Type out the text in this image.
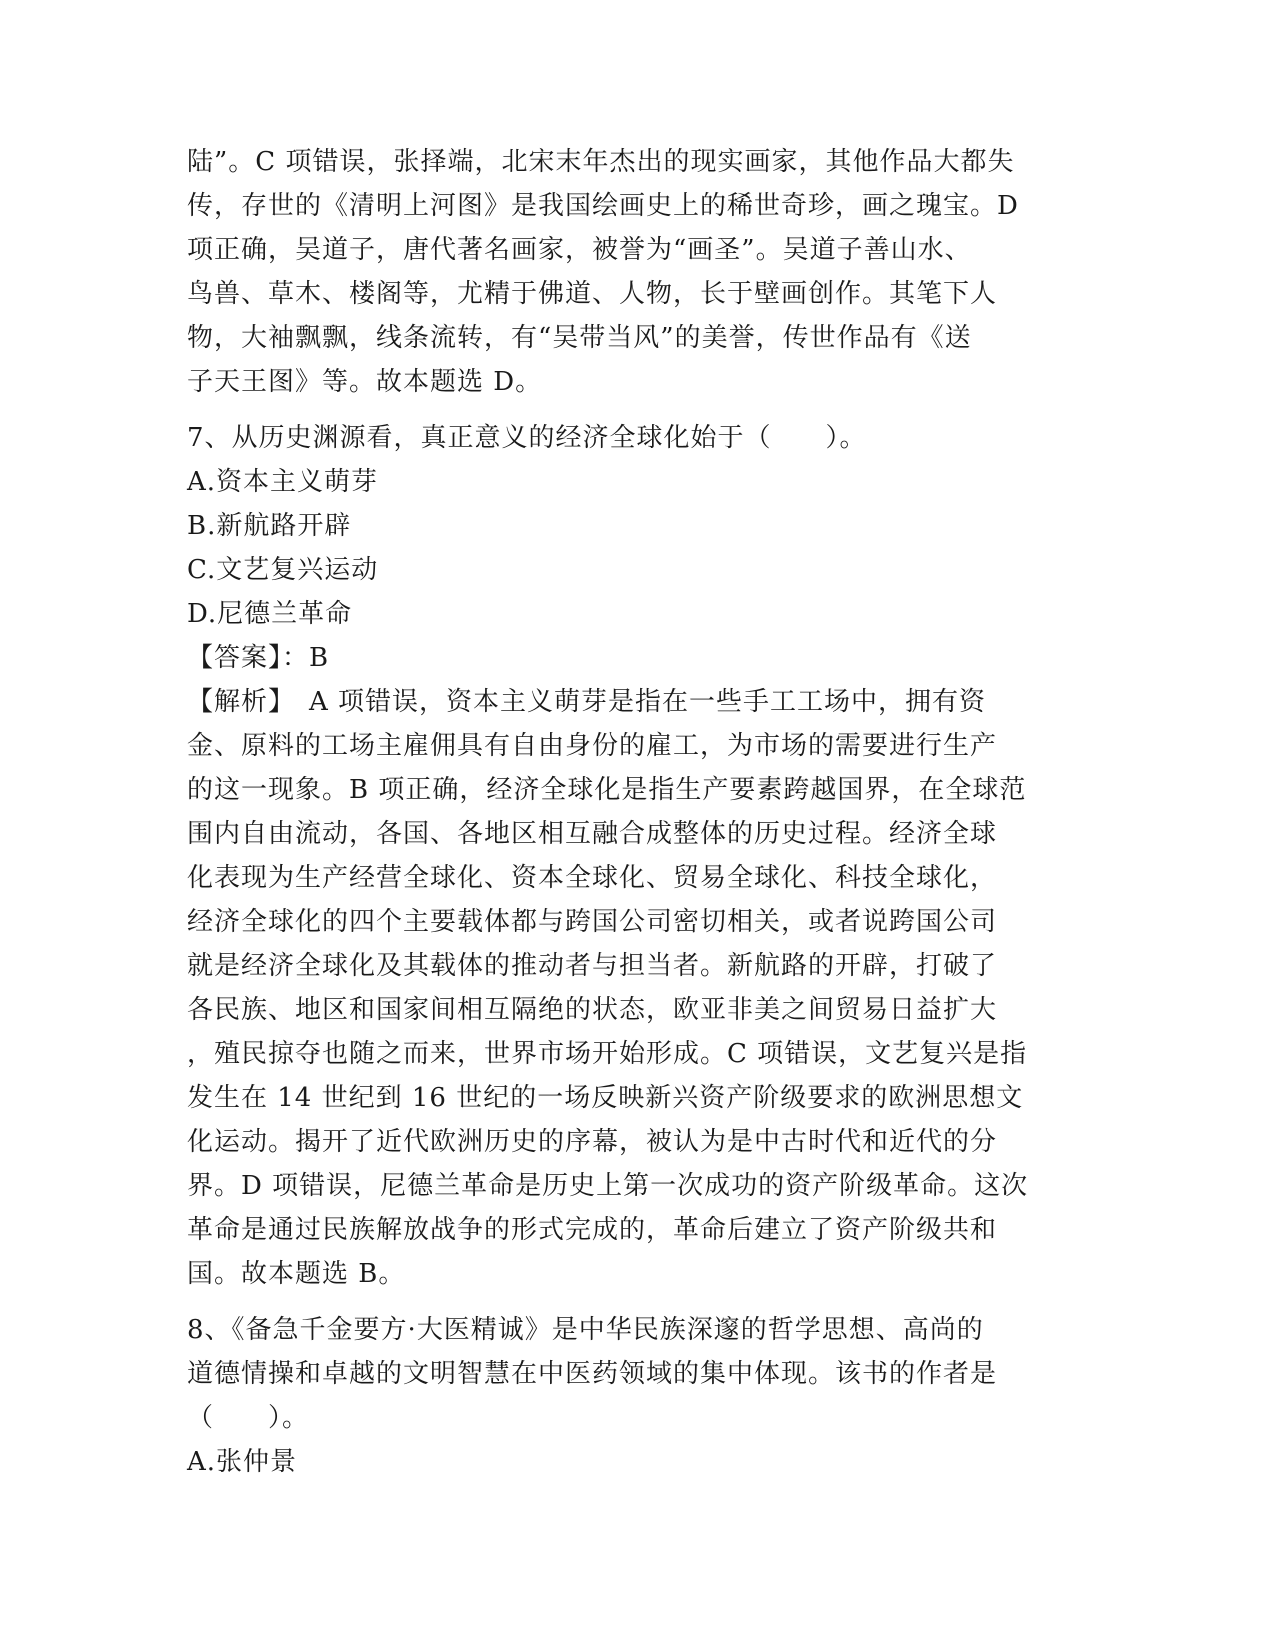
陆”。C 项错误，张择端，北宋末年杰出的现实画家，其他作品大都失
传，存世的《清明上河图》是我国绘画史上的稀世奇珍，画之瑰宝。D
项正确，吴道子，唐代著名画家，被誉为“画圣”。吴道子善山水、
鸟兽、草木、楼阁等，尤精于佛道、人物，长于壁画创作。其笔下人
物，大袖飘飘，线条流转，有“吴带当风”的美誉，传世作品有《送
子天王图》等。故本题选 D。
7、从历史渊源看，真正意义的经济全球化始于（　　）。
A.资本主义萌芽
B.新航路开辟
C.文艺复兴运动
D.尼德兰革命
【答案】：B
【解析】　A 项错误，资本主义萌芽是指在一些手工工场中，拥有资
金、原料的工场主雇佣具有自由身份的雇工，为市场的需要进行生产
的这一现象。B 项正确，经济全球化是指生产要素跨越国界，在全球范
围内自由流动，各国、各地区相互融合成整体的历史过程。经济全球
化表现为生产经营全球化、资本全球化、贸易全球化、科技全球化，
经济全球化的四个主要载体都与跨国公司密切相关，或者说跨国公司
就是经济全球化及其载体的推动者与担当者。新航路的开辟，打破了
各民族、地区和国家间相互隔绝的状态，欧亚非美之间贸易日益扩大
，殖民掠夺也随之而来，世界市场开始形成。C 项错误，文艺复兴是指
发生在 14 世纪到 16 世纪的一场反映新兴资产阶级要求的欧洲思想文
化运动。揭开了近代欧洲历史的序幕，被认为是中古时代和近代的分
界。D 项错误，尼德兰革命是历史上第一次成功的资产阶级革命。这次
革命是通过民族解放战争的形式完成的，革命后建立了资产阶级共和
国。故本题选 B。
8、《备急千金要方·大医精诚》是中华民族深邃的哲学思想、高尚的
道德情操和卓越的文明智慧在中医药领域的集中体现。该书的作者是
（　　）。
A.张仲景
